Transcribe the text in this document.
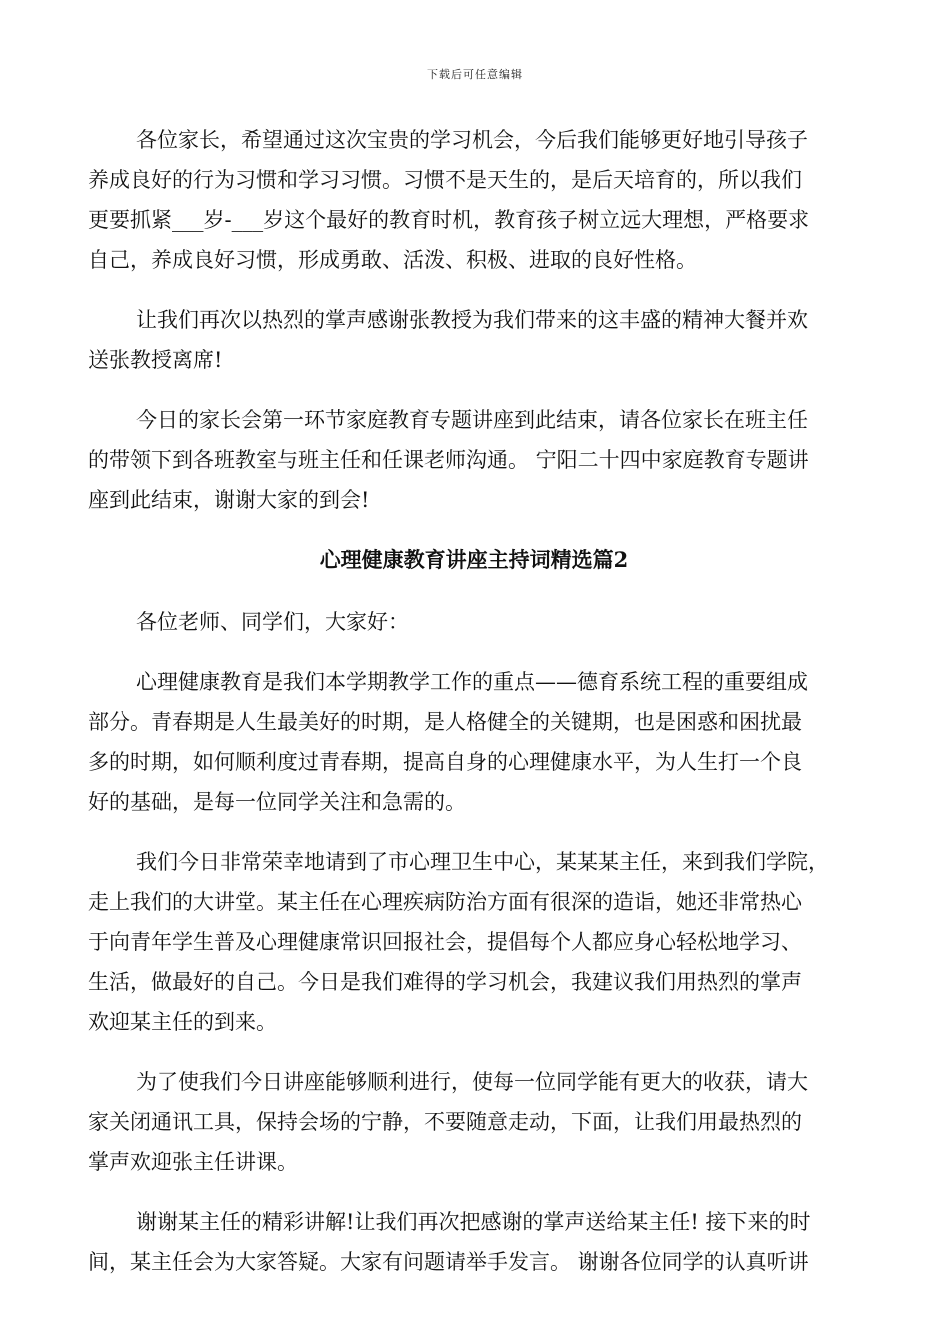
下载后可任意编辑
各位家长，希望通过这次宝贵的学习机会，今后我们能够更好地引导孩子
养成良好的行为习惯和学习习惯。习惯不是天生的，是后天培育的，所以我们
更要抓紧___岁-___岁这个最好的教育时机，教育孩子树立远大理想，严格要求
自己，养成良好习惯，形成勇敢、活泼、积极、进取的良好性格。
让我们再次以热烈的掌声感谢张教授为我们带来的这丰盛的精神大餐并欢
送张教授离席!
今日的家长会第一环节家庭教育专题讲座到此结束，请各位家长在班主任
的带领下到各班教室与班主任和任课老师沟通。 宁阳二十四中家庭教育专题讲
座到此结束，谢谢大家的到会!
心理健康教育讲座主持词精选篇2
各位老师、同学们，大家好：
心理健康教育是我们本学期教学工作的重点——德育系统工程的重要组成
部分。青春期是人生最美好的时期，是人格健全的关键期，也是困惑和困扰最
多的时期，如何顺利度过青春期，提高自身的心理健康水平，为人生打一个良
好的基础，是每一位同学关注和急需的。
我们今日非常荣幸地请到了市心理卫生中心，某某某主任，来到我们学院，
走上我们的大讲堂。某主任在心理疾病防治方面有很深的造诣，她还非常热心
于向青年学生普及心理健康常识回报社会，提倡每个人都应身心轻松地学习、
生活，做最好的自己。今日是我们难得的学习机会，我建议我们用热烈的掌声
欢迎某主任的到来。
为了使我们今日讲座能够顺利进行，使每一位同学能有更大的收获，请大
家关闭通讯工具，保持会场的宁静，不要随意走动，下面，让我们用最热烈的
掌声欢迎张主任讲课。
谢谢某主任的精彩讲解!让我们再次把感谢的掌声送给某主任! 接下来的时
间，某主任会为大家答疑。大家有问题请举手发言。 谢谢各位同学的认真听讲
